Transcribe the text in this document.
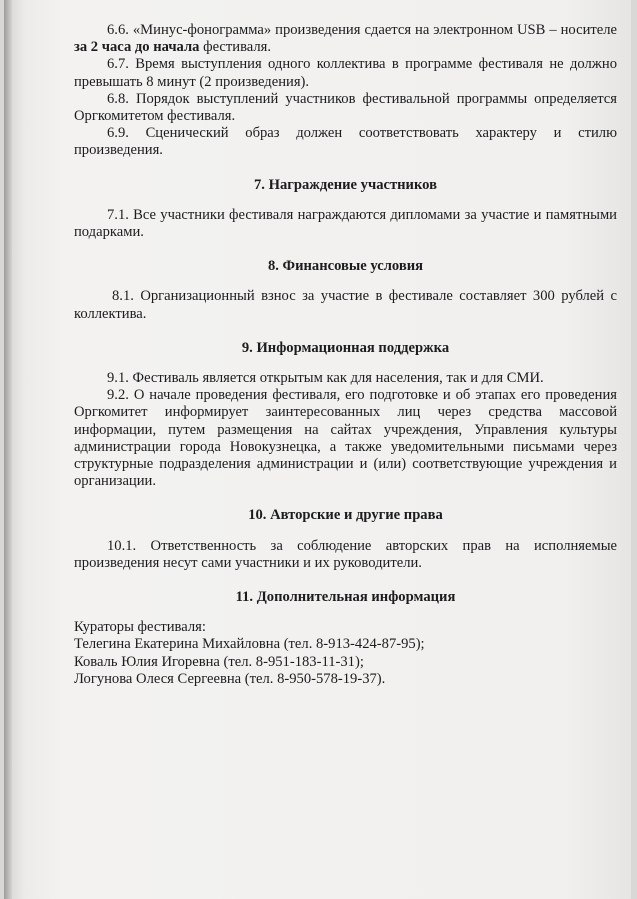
6.6. «Минус-фонограмма» произведения сдается на электронном USB – носителе за 2 часа до начала фестиваля.

6.7. Время выступления одного коллектива в программе фестиваля не должно превышать 8 минут (2 произведения).

6.8. Порядок выступлений участников фестивальной программы определяется Оргкомитетом фестиваля.

6.9. Сценический образ должен соответствовать характеру и стилю произведения.

7. Награждение участников

7.1. Все участники фестиваля награждаются дипломами за участие и памятными подарками.

8. Финансовые условия

8.1. Организационный взнос за участие в фестивале составляет 300 рублей с коллектива.

9. Информационная поддержка

9.1. Фестиваль является открытым как для населения, так и для СМИ.

9.2. О начале проведения фестиваля, его подготовке и об этапах его проведения Оргкомитет информирует заинтересованных лиц через средства массовой информации, путем размещения на сайтах учреждения, Управления культуры администрации города Новокузнецка, а также уведомительными письмами через структурные подразделения администрации и (или) соответствующие учреждения и организации.

10. Авторские и другие права

10.1. Ответственность за соблюдение авторских прав на исполняемые произведения несут сами участники и их руководители.

11. Дополнительная информация

Кураторы фестиваля:

Телегина Екатерина Михайловна (тел. 8-913-424-87-95);

Коваль Юлия Игоревна (тел. 8-951-183-11-31);

Логунова Олеся Сергеевна (тел. 8-950-578-19-37).
